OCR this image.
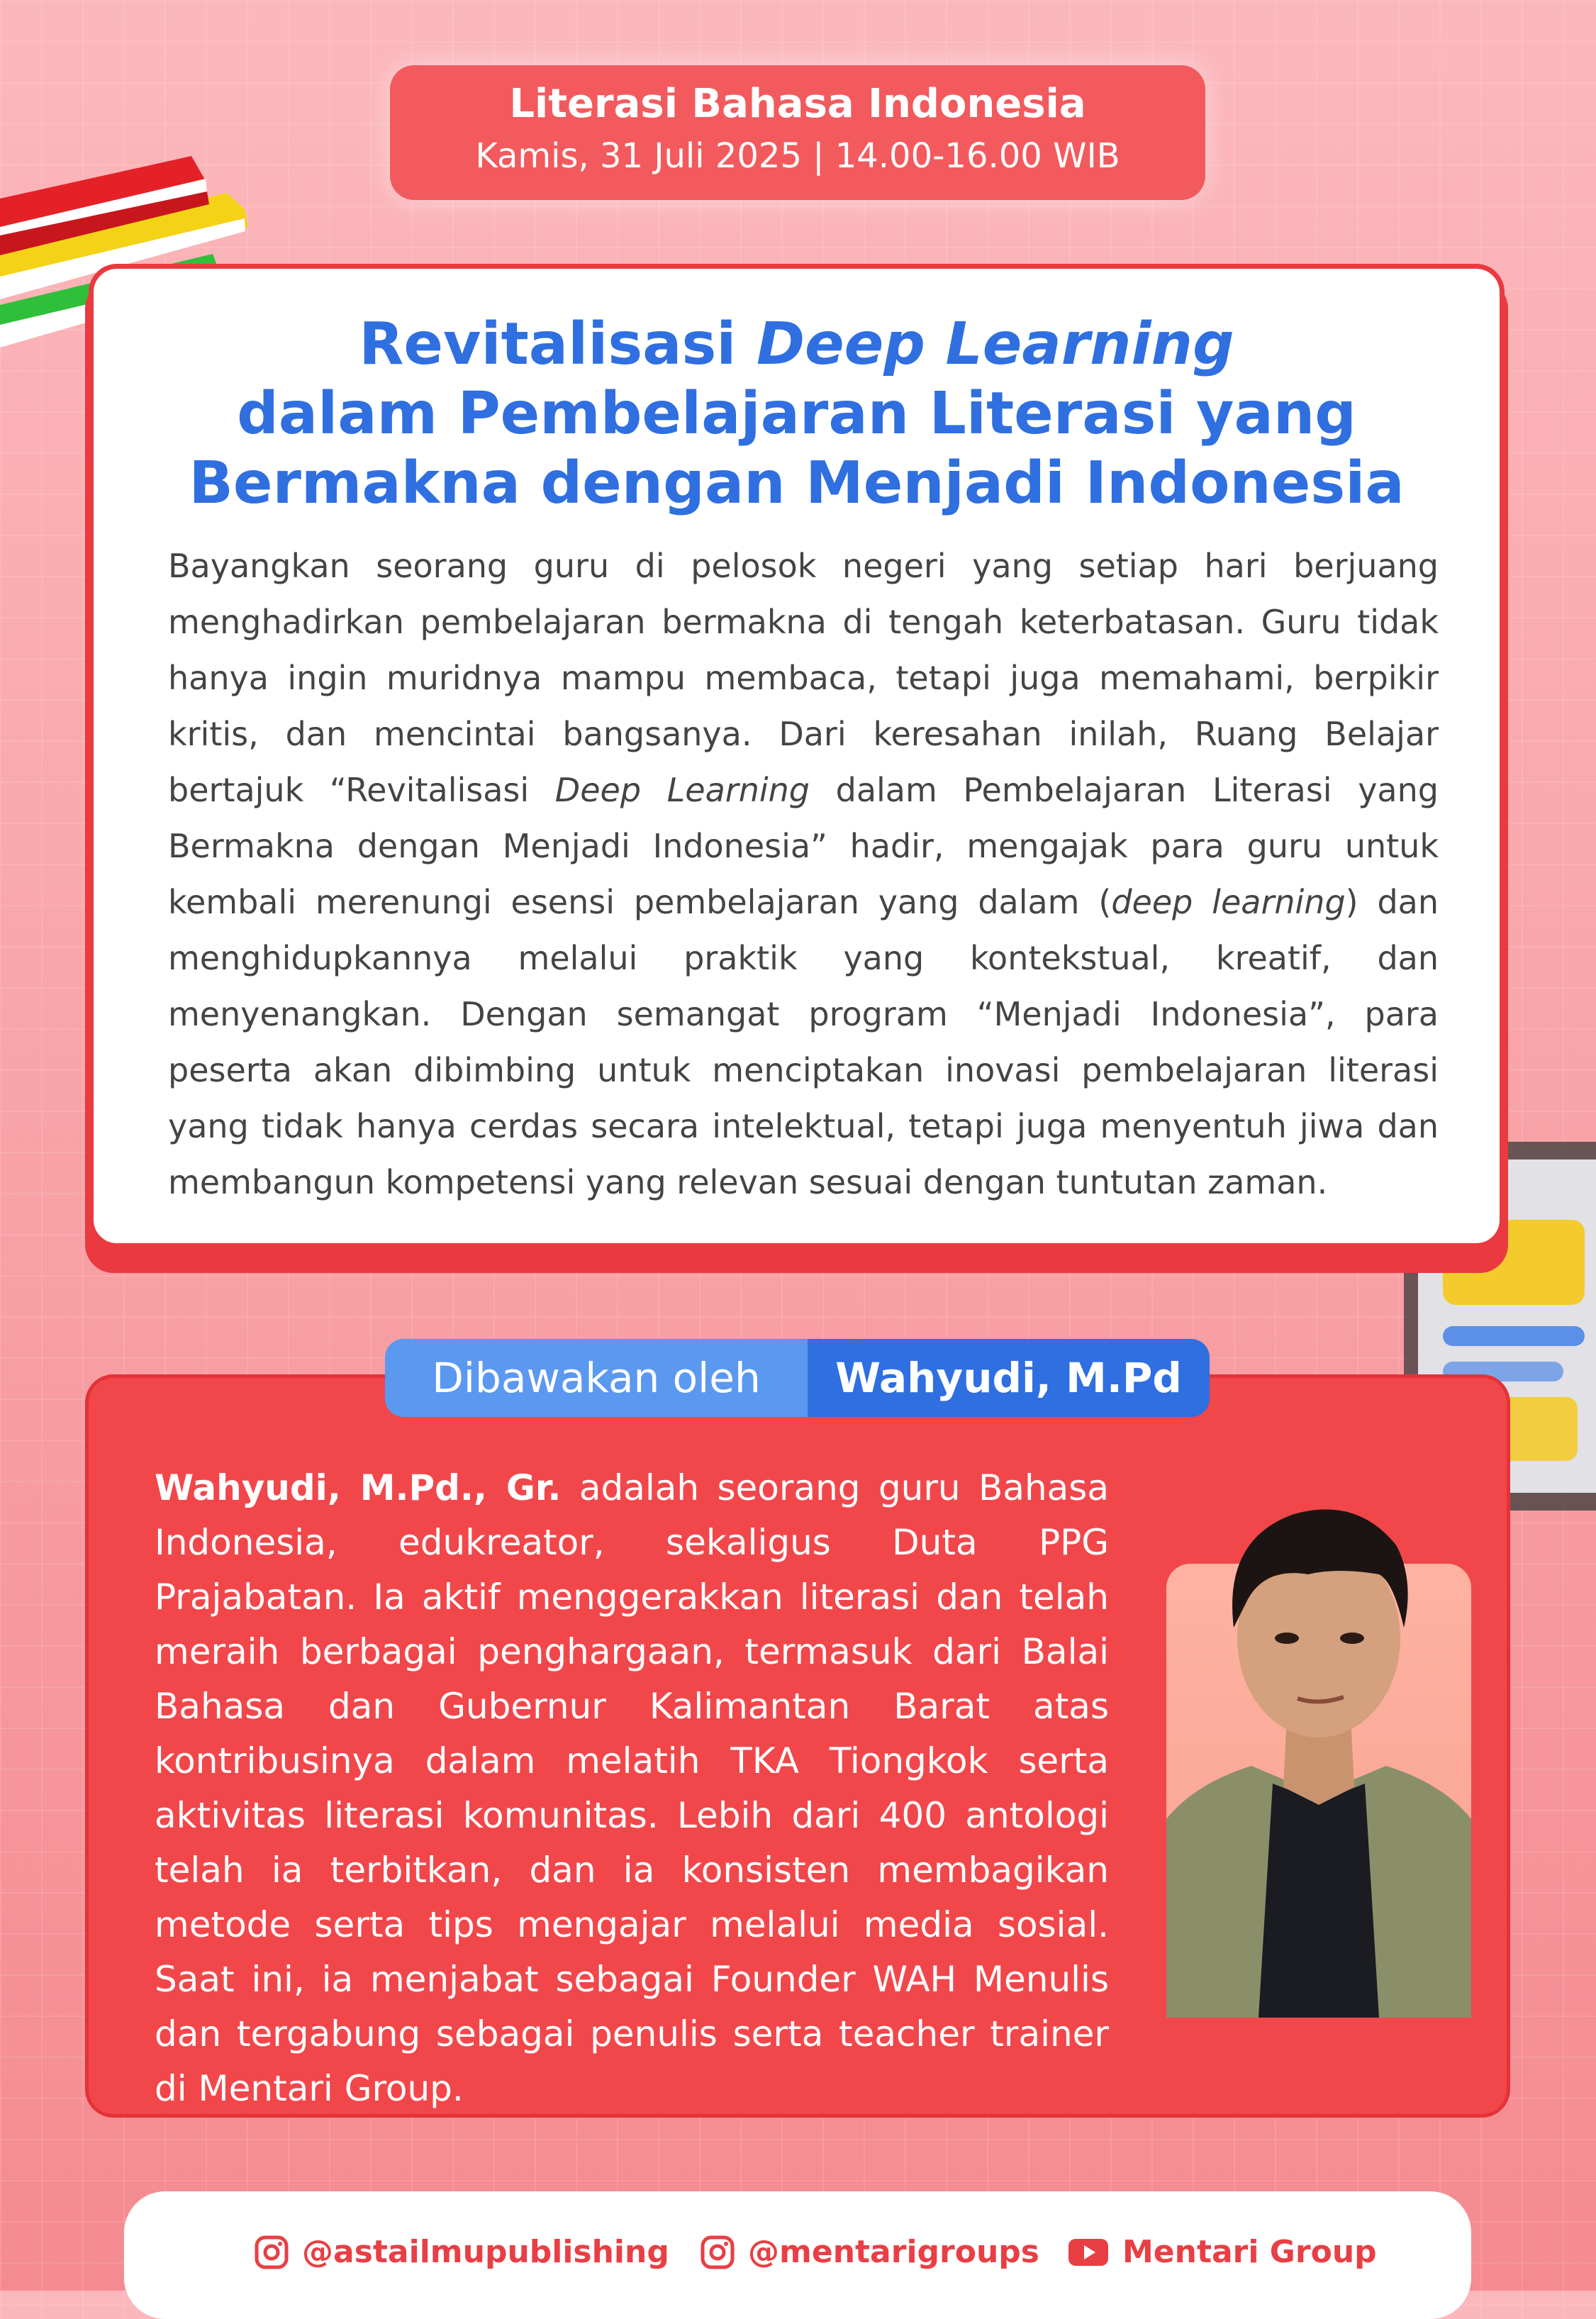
Literasi Bahasa Indonesia
Kamis, 31 Juli 2025 | 14.00-16.00 WIB
Revitalisasi Deep Learning
dalam Pembelajaran Literasi yang
Bermakna dengan Menjadi Indonesia
Bayangkan seorang guru di pelosok negeri yang setiap hari berjuang menghadirkan pembelajaran bermakna di tengah keterbatasan. Guru tidak hanya ingin muridnya mampu membaca, tetapi juga memahami, berpikir kritis, dan mencintai bangsanya. Dari keresahan inilah, Ruang Belajar bertajuk “Revitalisasi Deep Learning dalam Pembelajaran Literasi yang Bermakna dengan Menjadi Indonesia” hadir, mengajak para guru untuk kembali merenungi esensi pembelajaran yang dalam (deep learning) dan menghidupkannya melalui praktik yang kontekstual, kreatif, dan menyenangkan. Dengan semangat program “Menjadi Indonesia”, para peserta akan dibimbing untuk menciptakan inovasi pembelajaran literasi yang tidak hanya cerdas secara intelektual, tetapi juga menyentuh jiwa dan membangun kompetensi yang relevan sesuai dengan tuntutan zaman.
Dibawakan oleh	Wahyudi, M.Pd
Wahyudi, M.Pd., Gr. adalah seorang guru Bahasa Indonesia, edukreator, sekaligus Duta PPG Prajabatan. Ia aktif menggerakkan literasi dan telah meraih berbagai penghargaan, termasuk dari Balai Bahasa dan Gubernur Kalimantan Barat atas kontribusinya dalam melatih TKA Tiongkok serta aktivitas literasi komunitas. Lebih dari 400 antologi telah ia terbitkan, dan ia konsisten membagikan metode serta tips mengajar melalui media sosial. Saat ini, ia menjabat sebagai Founder WAH Menulis dan tergabung sebagai penulis serta teacher trainer di Mentari Group.
@astailmupublishing	@mentarigroups	Mentari Group
